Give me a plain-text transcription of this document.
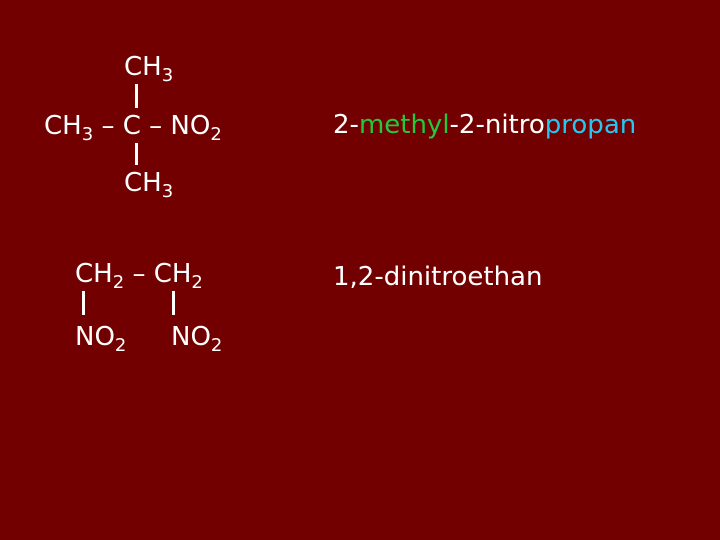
$CH_3$
$CH_3$ – C – $NO_2$
$CH_3$
2-methyl-2-nitropropan
$CH_2 - CH_2$
$NO_2$ $NO_2$
1,2-dinitroethan
